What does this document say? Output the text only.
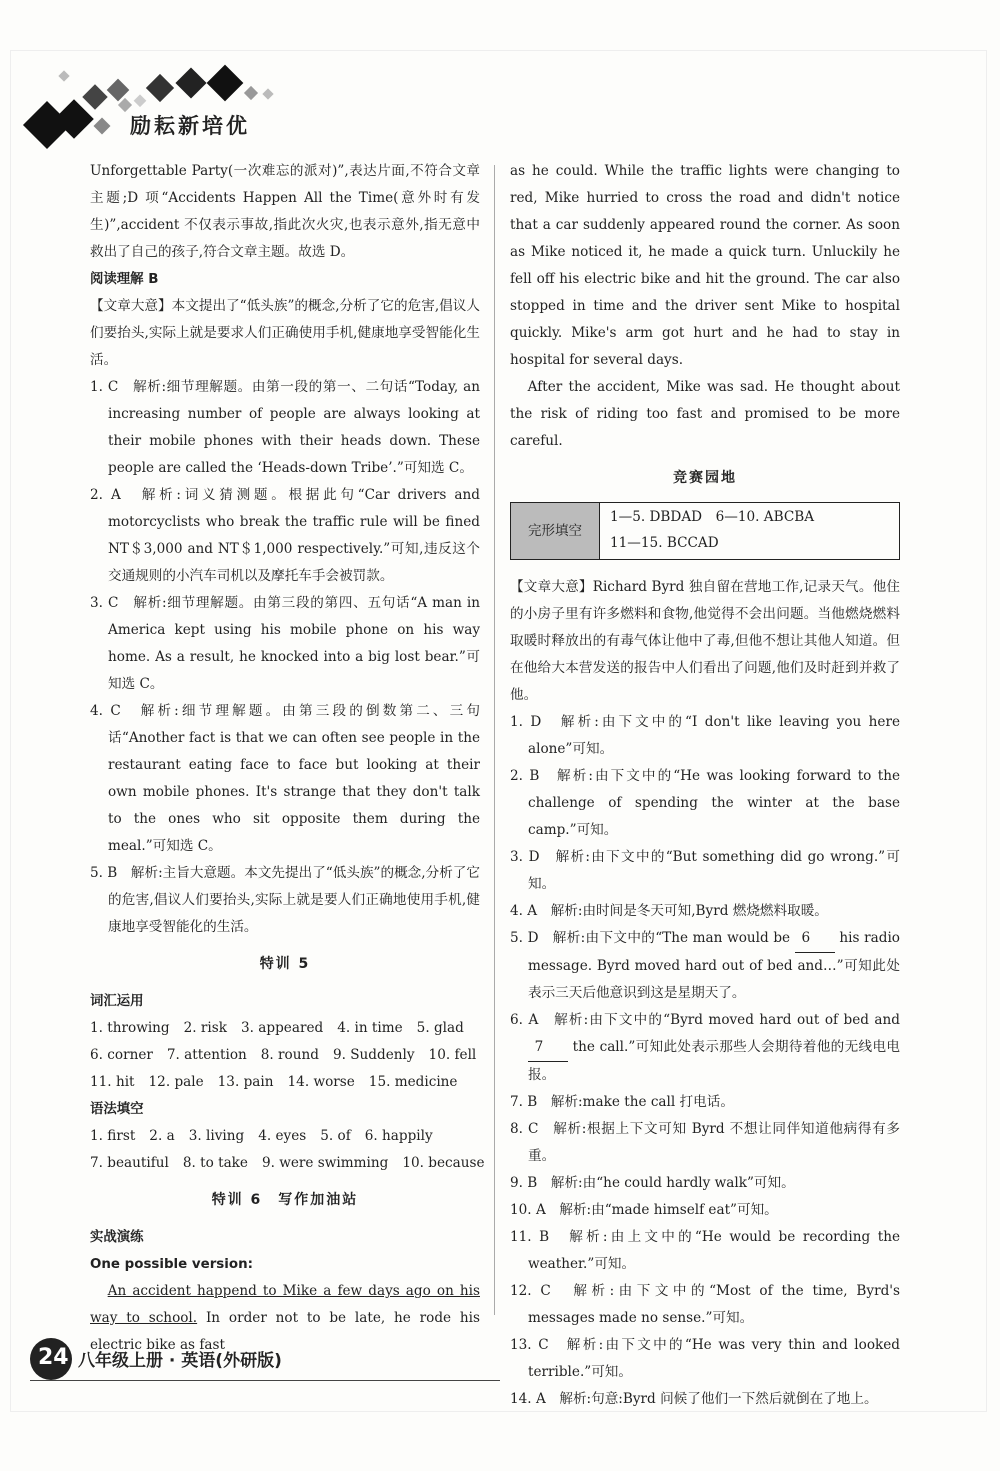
励耘新培优

Unforgettable Party(一次难忘的派对)”,表达片面,不符合文章主题;D 项“Accidents Happen All the Time(意外时有发生)”,accident 不仅表示事故,指此次火灾,也表示意外,指无意中救出了自己的孩子,符合文章主题。故选 D。

阅读理解 B

【文章大意】本文提出了“低头族”的概念,分析了它的危害,倡议人们要抬头,实际上就是要求人们正确使用手机,健康地享受智能化生活。

1. C　解析:细节理解题。由第一段的第一、二句话“Today, an increasing number of people are always looking at their mobile phones with their heads down. These people are called the ‘Heads-down Tribe’.”可知选 C。

2. A　解析:词义猜测题。根据此句“Car drivers and motorcyclists who break the traffic rule will be fined NT＄3,000 and NT＄1,000 respectively.”可知,违反这个交通规则的小汽车司机以及摩托车手会被罚款。

3. C　解析:细节理解题。由第三段的第四、五句话“A man in America kept using his mobile phone on his way home. As a result, he knocked into a big lost bear.”可知选 C。

4. C　解析:细节理解题。由第三段的倒数第二、三句话“Another fact is that we can often see people in the restaurant eating face to face but looking at their own mobile phones. It's strange that they don't talk to the ones who sit opposite them during the meal.”可知选 C。

5. B　解析:主旨大意题。本文先提出了“低头族”的概念,分析了它的危害,倡议人们要抬头,实际上就是要人们正确地使用手机,健康地享受智能化的生活。

特训 5

词汇运用

1. throwing 2. risk 3. appeared 4. in time 5. glad
6. corner 7. attention 8. round 9. Suddenly 10. fell
11. hit 12. pale 13. pain 14. worse 15. medicine

语法填空

1. first 2. a 3. living 4. eyes 5. of 6. happily
7. beautiful 8. to take 9. were swimming 10. because

特训 6　写作加油站

实战演练

One possible version:

An accident happend to Mike a few days ago on his way to school. In order not to be late, he rode his electric bike as fast

as he could. While the traffic lights were changing to red, Mike hurried to cross the road and didn't notice that a car suddenly appeared round the corner. As soon as Mike noticed it, he made a quick turn. Unluckily he fell off his electric bike and hit the ground. The car also stopped in time and the driver sent Mike to hospital quickly. Mike's arm got hurt and he had to stay in hospital for several days.

After the accident, Mike was sad. He thought about the risk of riding too fast and promised to be more careful.

竞赛园地

完形填空
1—5. DBDAD　6—10. ABCBA
11—15. BCCAD

【文章大意】Richard Byrd 独自留在营地工作,记录天气。他住的小房子里有许多燃料和食物,他觉得不会出问题。当他燃烧燃料取暖时释放出的有毒气体让他中了毒,但他不想让其他人知道。但在他给大本营发送的报告中人们看出了问题,他们及时赶到并救了他。

1. D　解析:由下文中的“I don't like leaving you here alone”可知。

2. B　解析:由下文中的“He was looking forward to the challenge of spending the winter at the base camp.”可知。

3. D　解析:由下文中的“But something did go wrong.”可知。

4. A　解析:由时间是冬天可知,Byrd 燃烧燃料取暖。

5. D　解析:由下文中的“The man would be 6 his radio message. Byrd moved hard out of bed and…”可知此处表示三天后他意识到这是星期天了。

6. A　解析:由下文中的“Byrd moved hard out of bed and 7 the call.”可知此处表示那些人会期待着他的无线电电报。

7. B　解析:make the call 打电话。

8. C　解析:根据上下文可知 Byrd 不想让同伴知道他病得有多重。

9. B　解析:由“he could hardly walk”可知。

10. A　解析:由“made himself eat”可知。

11. B　解析:由上文中的“He would be recording the weather.”可知。

12. C　解析:由下文中的“Most of the time, Byrd's messages made no sense.”可知。

13. C　解析:由下文中的“He was very thin and looked terrible.”可知。

14. A　解析:句意:Byrd 问候了他们一下然后就倒在了地上。

24 八年级上册 · 英语(外研版)
